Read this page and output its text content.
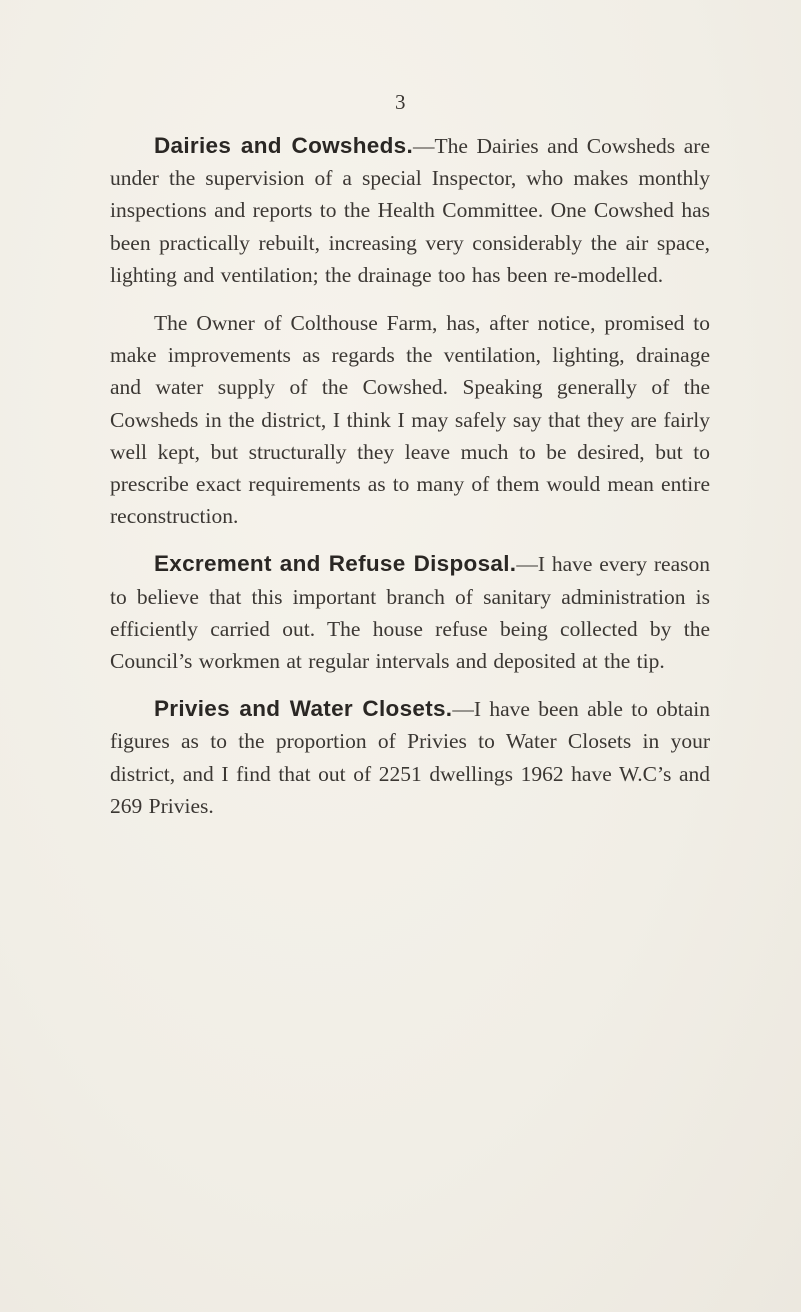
3

Dairies and Cowsheds.—The Dairies and Cowsheds are under the supervision of a special Inspector, who makes monthly inspections and reports to the Health Committee. One Cowshed has been practically rebuilt, increasing very considerably the air space, lighting and ventilation; the drainage too has been re-modelled.

The Owner of Colthouse Farm, has, after notice, promised to make improvements as regards the ventilation, lighting, drainage and water supply of the Cowshed. Speaking generally of the Cowsheds in the district, I think I may safely say that they are fairly well kept, but structurally they leave much to be desired, but to prescribe exact requirements as to many of them would mean entire reconstruction.

Excrement and Refuse Disposal.—I have every reason to believe that this important branch of sanitary administration is efficiently carried out. The house refuse being collected by the Council’s workmen at regular intervals and deposited at the tip.

Privies and Water Closets.—I have been able to obtain figures as to the proportion of Privies to Water Closets in your district, and I find that out of 2251 dwellings 1962 have W.C’s and 269 Privies.
